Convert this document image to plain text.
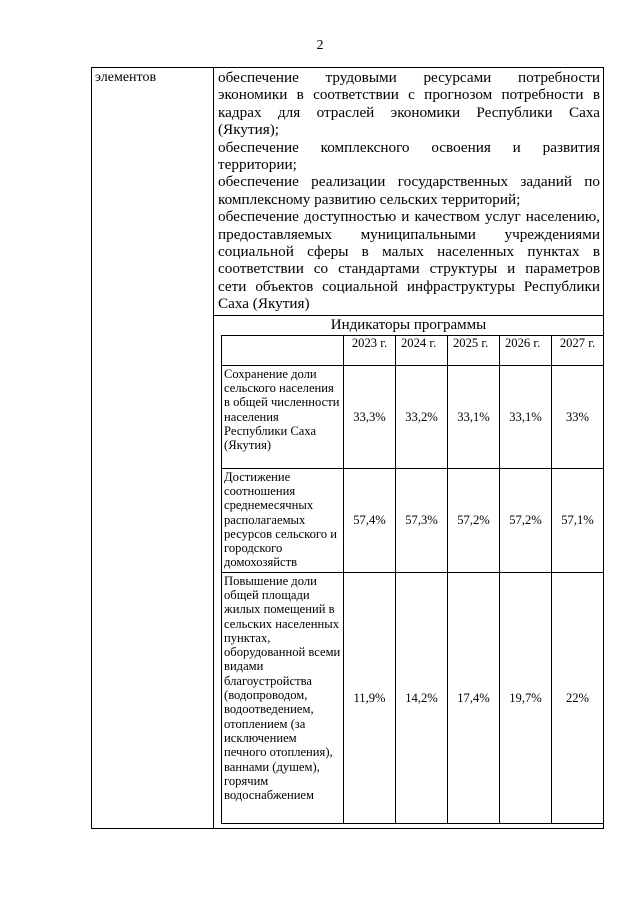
2
элементов	обеспечение трудовыми ресурсами потребности экономики в соответствии с прогнозом потребности в кадрах для отраслей экономики Республики Саха (Якутия);

обеспечение комплексного освоения и развития территории;

обеспечение реализации государственных заданий по комплексному развитию сельских территорий;

обеспечение доступностью и качеством услуг населению, предоставляемых муниципальными учреждениями социальной сферы в малых населенных пунктах в соответствии со стандартами структуры и параметров сети объектов социальной инфраструктуры Республики Саха (Якутия)

Индикаторы программы
	2023 г.	2024 г.	2025 г.	2026 г.	2027 г.
Сохранение доли сельского населения в общей численности населения Республики Саха (Якутия)	33,3%	33,2%	33,1%	33,1%	33%
Достижение соотношения среднемесячных располагаемых ресурсов сельского и городского домохозяйств	57,4%	57,3%	57,2%	57,2%	57,1%
Повышение доли общей площади жилых помещений в сельских населенных пунктах, оборудованной всеми видами благоустройства (водопроводом, водоотведением, отоплением (за исключением печного отопления), ваннами (душем), горячим водоснабжением	11,9%	14,2%	17,4%	19,7%	22%
